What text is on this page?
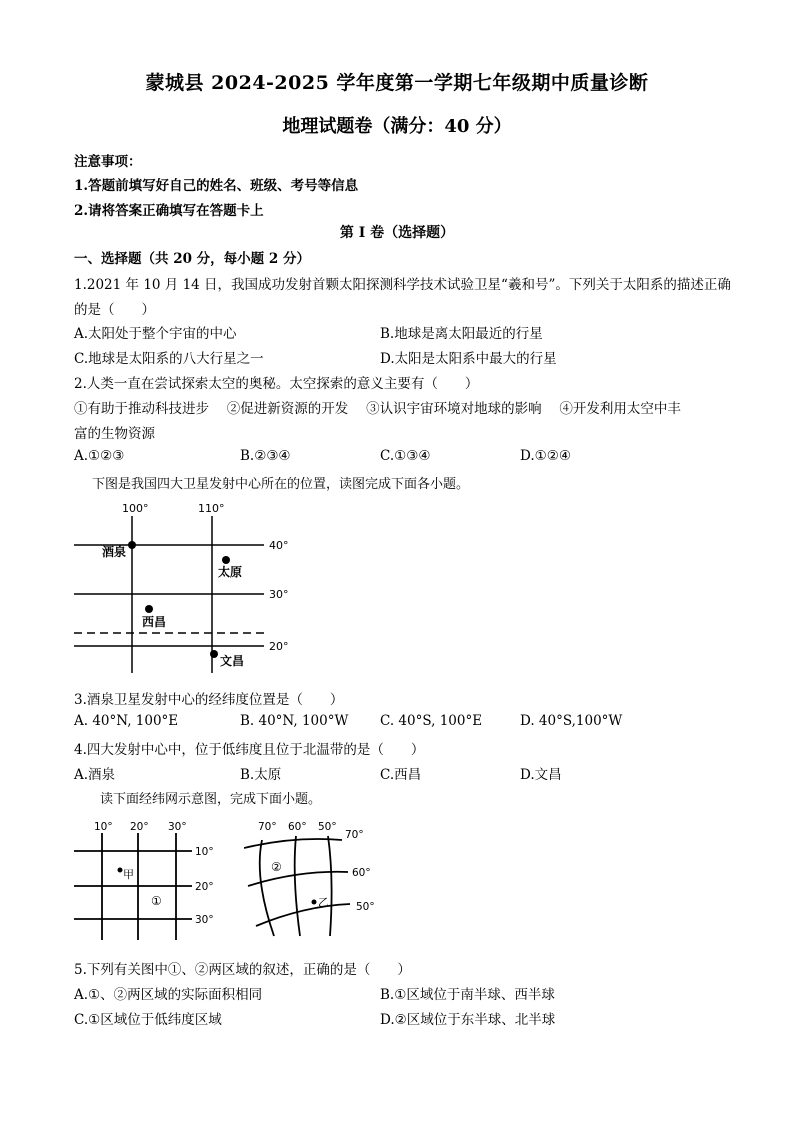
蒙城县 2024-2025 学年度第一学期七年级期中质量诊断
地理试题卷（满分：40 分）
注意事项：
1.答题前填写好自己的姓名、班级、考号等信息
2.请将答案正确填写在答题卡上
第 I 卷（选择题）
一、选择题（共 20 分，每小题 2 分）
1.2021 年 10 月 14 日，我国成功发射首颗太阳探测科学技术试验卫星“羲和号”。下列关于太阳系的描述正确
的是（　　）
A.太阳处于整个宇宙的中心	B.地球是离太阳最近的行星
C.地球是太阳系的八大行星之一	D.太阳是太阳系中最大的行星
2.人类一直在尝试探索太空的奥秘。太空探索的意义主要有（　　）
①有助于推动科技进步　 ②促进新资源的开发　 ③认识宇宙环境对地球的影响　 ④开发利用太空中丰
富的生物资源
A.①②③	B.②③④	C.①③④	D.①②④
下图是我国四大卫星发射中心所在的位置，读图完成下面各小题。
100°	110°
40°
30°
20°
酒泉
太原
西昌
文昌
3.酒泉卫星发射中心的经纬度位置是（　　）
A. 40°N, 100°E	B. 40°N, 100°W C. 40°S, 100°E	D. 40°S,100°W
4.四大发射中心中，位于低纬度且位于北温带的是（　　）
A.酒泉	B.太原	C.西昌	D.文昌
读下面经纬网示意图，完成下面小题。
10° 20° 30°
10°
20°
30°
甲
①
70° 60° 50°
70°
60°
50°
②
乙
5.下列有关图中①、②两区域的叙述，正确的是（　　）
A.①、②两区域的实际面积相同	B.①区域位于南半球、西半球
C.①区域位于低纬度区域	D.②区域位于东半球、北半球
